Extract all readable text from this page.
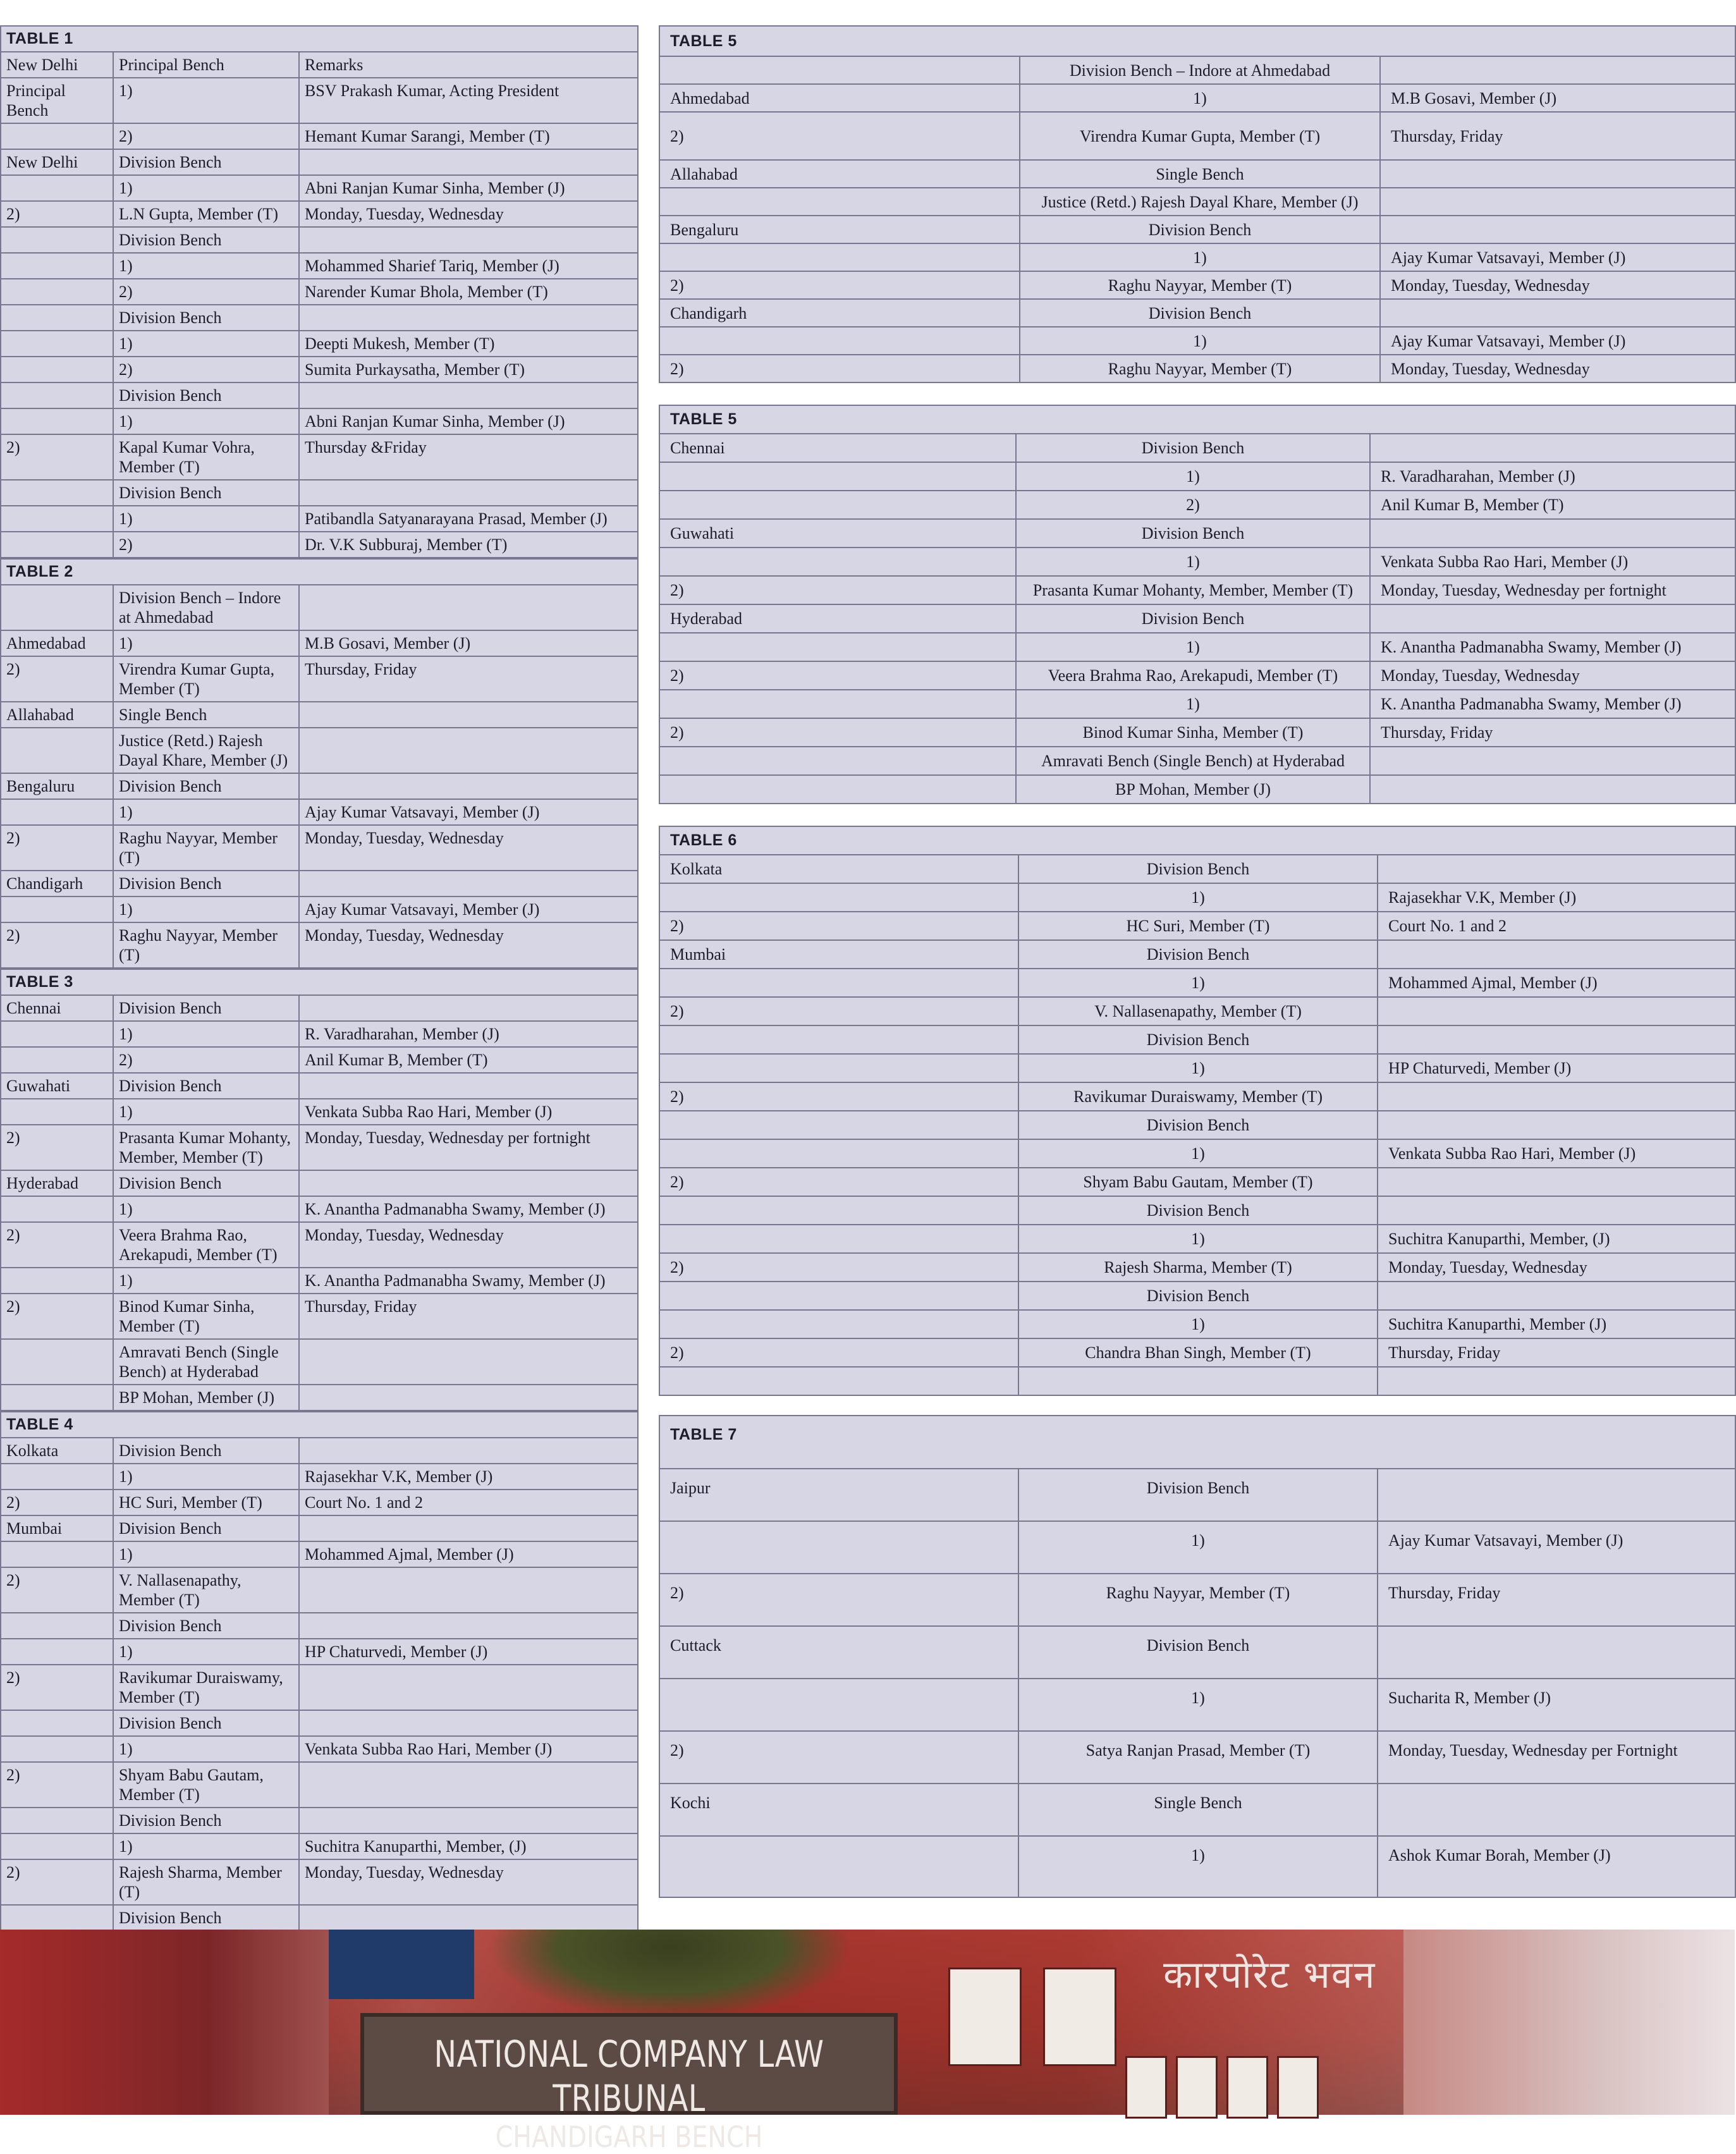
TABLE 1		
New Delhi	Principal Bench	Remarks
Principal Bench	1)	BSV Prakash Kumar, Acting President
	2)	Hemant Kumar Sarangi, Member (T)
New Delhi	Division Bench	
	1)	Abni Ranjan Kumar Sinha, Member (J)
2)	L.N Gupta, Member (T)	Monday, Tuesday, Wednesday
	Division Bench	
	1)	Mohammed Sharief Tariq, Member (J)
	2)	Narender Kumar Bhola, Member (T)
	Division Bench	
	1)	Deepti Mukesh, Member (T)
	2)	Sumita Purkaysatha, Member (T)
	Division Bench	
	1)	Abni Ranjan Kumar Sinha, Member (J)
2)	Kapal Kumar Vohra, Member (T)	Thursday &Friday
	Division Bench	
	1)	Patibandla Satyanarayana Prasad, Member (J)
	2)	Dr. V.K Subburaj, Member (T)
TABLE 2		
	Division Bench – Indore at Ahmedabad	
Ahmedabad	1)	M.B Gosavi, Member (J)
2)	Virendra Kumar Gupta, Member (T)	Thursday, Friday
Allahabad	Single Bench	
	Justice (Retd.) Rajesh Dayal Khare, Member (J)	
Bengaluru	Division Bench	
	1)	Ajay Kumar Vatsavayi, Member (J)
2)	Raghu Nayyar, Member (T)	Monday, Tuesday, Wednesday
Chandigarh	Division Bench	
	1)	Ajay Kumar Vatsavayi, Member (J)
2)	Raghu Nayyar, Member (T)	Monday, Tuesday, Wednesday
TABLE 3		
Chennai	Division Bench	
	1)	R. Varadharahan, Member (J)
	2)	Anil Kumar B, Member (T)
Guwahati	Division Bench	
	1)	Venkata Subba Rao Hari, Member (J)
2)	Prasanta Kumar Mohanty, Member, Member (T)	Monday, Tuesday, Wednesday per fortnight
Hyderabad	Division Bench	
	1)	K. Anantha Padmanabha Swamy, Member (J)
2)	Veera Brahma Rao, Arekapudi, Member (T)	Monday, Tuesday, Wednesday
	1)	K. Anantha Padmanabha Swamy, Member (J)
2)	Binod Kumar Sinha, Member (T)	Thursday, Friday
	Amravati Bench (Single Bench) at Hyderabad	
	BP Mohan, Member (J)	
TABLE 4		
Kolkata	Division Bench	
	1)	Rajasekhar V.K, Member (J)
2)	HC Suri, Member (T)	Court No. 1 and 2
Mumbai	Division Bench	
	1)	Mohammed Ajmal, Member (J)
2)	V. Nallasenapathy, Member (T)	
	Division Bench	
	1)	HP Chaturvedi, Member (J)
2)	Ravikumar Duraiswamy, Member (T)	
	Division Bench	
	1)	Venkata Subba Rao Hari, Member (J)
2)	Shyam Babu Gautam, Member (T)	
	Division Bench	
	1)	Suchitra Kanuparthi, Member, (J)
2)	Rajesh Sharma, Member (T)	Monday, Tuesday, Wednesday
	Division Bench	

TABLE 5		
	Division Bench – Indore at Ahmedabad	
Ahmedabad	1)	M.B Gosavi, Member (J)
2)	Virendra Kumar Gupta, Member (T)	Thursday, Friday
Allahabad	Single Bench	
	Justice (Retd.) Rajesh Dayal Khare, Member (J)	
Bengaluru	Division Bench	
	1)	Ajay Kumar Vatsavayi, Member (J)
2)	Raghu Nayyar, Member (T)	Monday, Tuesday, Wednesday
Chandigarh	Division Bench	
	1)	Ajay Kumar Vatsavayi, Member (J)
2)	Raghu Nayyar, Member (T)	Monday, Tuesday, Wednesday
TABLE 5		
Chennai	Division Bench	
	1)	R. Varadharahan, Member (J)
	2)	Anil Kumar B, Member (T)
Guwahati	Division Bench	
	1)	Venkata Subba Rao Hari, Member (J)
2)	Prasanta Kumar Mohanty, Member, Member (T)	Monday, Tuesday, Wednesday per fortnight
Hyderabad	Division Bench	
	1)	K. Anantha Padmanabha Swamy, Member (J)
2)	Veera Brahma Rao, Arekapudi, Member (T)	Monday, Tuesday, Wednesday
	1)	K. Anantha Padmanabha Swamy, Member (J)
2)	Binod Kumar Sinha, Member (T)	Thursday, Friday
	Amravati Bench (Single Bench) at Hyderabad	
	BP Mohan, Member (J)	
TABLE 6		
Kolkata	Division Bench	
	1)	Rajasekhar V.K, Member (J)
2)	HC Suri, Member (T)	Court No. 1 and 2
Mumbai	Division Bench	
	1)	Mohammed Ajmal, Member (J)
2)	V. Nallasenapathy, Member (T)	
	Division Bench	
	1)	HP Chaturvedi, Member (J)
2)	Ravikumar Duraiswamy, Member (T)	
	Division Bench	
	1)	Venkata Subba Rao Hari, Member (J)
2)	Shyam Babu Gautam, Member (T)	
	Division Bench	
	1)	Suchitra Kanuparthi, Member, (J)
2)	Rajesh Sharma, Member (T)	Monday, Tuesday, Wednesday
	Division Bench	
	1)	Suchitra Kanuparthi, Member (J)
2)	Chandra Bhan Singh, Member (T)	Thursday, Friday

TABLE 7		
Jaipur	Division Bench	
	1)	Ajay Kumar Vatsavayi, Member (J)
2)	Raghu Nayyar, Member (T)	Thursday, Friday
Cuttack	Division Bench	
	1)	Sucharita R, Member (J)
2)	Satya Ranjan Prasad, Member (T)	Monday, Tuesday, Wednesday per Fortnight
Kochi	Single Bench	
	1)	Ashok Kumar Borah, Member (J)
कारपोरेट भवन
NATIONAL COMPANY LAW TRIBUNAL
CHANDIGARH BENCH
